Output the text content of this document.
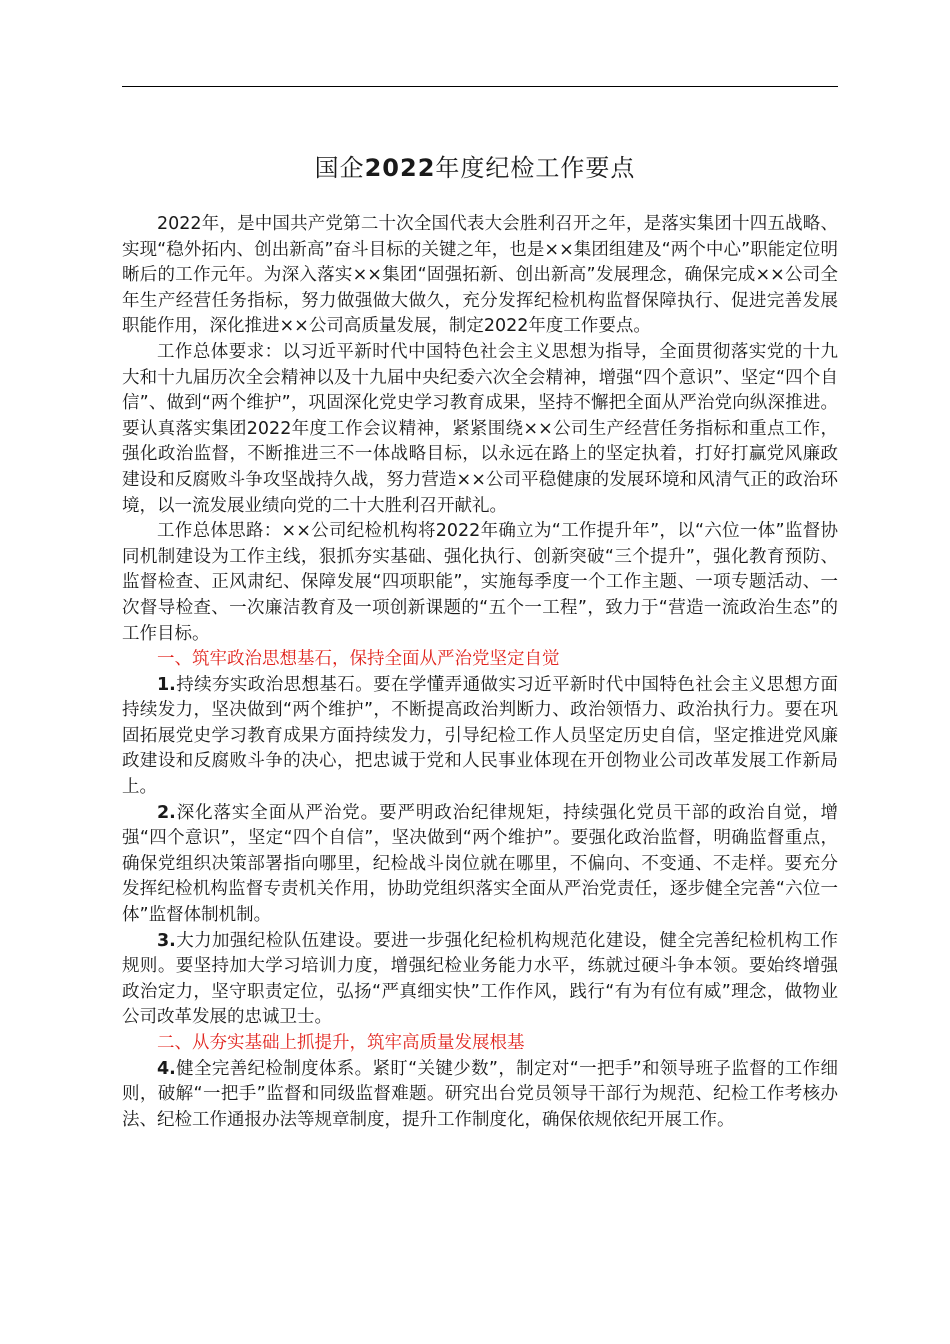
国企2022年度纪检工作要点

2022年，是中国共产党第二十次全国代表大会胜利召开之年，是落实集团十四五战略、实现“稳外拓内、创出新高”奋斗目标的关键之年，也是××集团组建及“两个中心”职能定位明晰后的工作元年。为深入落实××集团“固强拓新、创出新高”发展理念，确保完成××公司全年生产经营任务指标，努力做强做大做久，充分发挥纪检机构监督保障执行、促进完善发展职能作用，深化推进××公司高质量发展，制定2022年度工作要点。

工作总体要求：以习近平新时代中国特色社会主义思想为指导，全面贯彻落实党的十九大和十九届历次全会精神以及十九届中央纪委六次全会精神，增强“四个意识”、坚定“四个自信”、做到“两个维护”，巩固深化党史学习教育成果，坚持不懈把全面从严治党向纵深推进。要认真落实集团2022年度工作会议精神，紧紧围绕××公司生产经营任务指标和重点工作，强化政治监督，不断推进三不一体战略目标，以永远在路上的坚定执着，打好打赢党风廉政建设和反腐败斗争攻坚战持久战，努力营造××公司平稳健康的发展环境和风清气正的政治环境，以一流发展业绩向党的二十大胜利召开献礼。

工作总体思路：××公司纪检机构将2022年确立为“工作提升年”，以“六位一体”监督协同机制建设为工作主线，狠抓夯实基础、强化执行、创新突破“三个提升”，强化教育预防、监督检查、正风肃纪、保障发展“四项职能”，实施每季度一个工作主题、一项专题活动、一次督导检查、一次廉洁教育及一项创新课题的“五个一工程”，致力于“营造一流政治生态”的工作目标。

一、筑牢政治思想基石，保持全面从严治党坚定自觉

1.持续夯实政治思想基石。要在学懂弄通做实习近平新时代中国特色社会主义思想方面持续发力，坚决做到“两个维护”，不断提高政治判断力、政治领悟力、政治执行力。要在巩固拓展党史学习教育成果方面持续发力，引导纪检工作人员坚定历史自信，坚定推进党风廉政建设和反腐败斗争的决心，把忠诚于党和人民事业体现在开创物业公司改革发展工作新局上。

2.深化落实全面从严治党。要严明政治纪律规矩，持续强化党员干部的政治自觉，增强“四个意识”，坚定“四个自信”，坚决做到“两个维护”。要强化政治监督，明确监督重点，确保党组织决策部署指向哪里，纪检战斗岗位就在哪里，不偏向、不变通、不走样。要充分发挥纪检机构监督专责机关作用，协助党组织落实全面从严治党责任，逐步健全完善“六位一体”监督体制机制。

3.大力加强纪检队伍建设。要进一步强化纪检机构规范化建设，健全完善纪检机构工作规则。要坚持加大学习培训力度，增强纪检业务能力水平，练就过硬斗争本领。要始终增强政治定力，坚守职责定位，弘扬“严真细实快”工作作风，践行“有为有位有威”理念，做物业公司改革发展的忠诚卫士。

二、从夯实基础上抓提升，筑牢高质量发展根基

4.健全完善纪检制度体系。紧盯“关键少数”，制定对“一把手”和领导班子监督的工作细则，破解“一把手”监督和同级监督难题。研究出台党员领导干部行为规范、纪检工作考核办法、纪检工作通报办法等规章制度，提升工作制度化，确保依规依纪开展工作。
